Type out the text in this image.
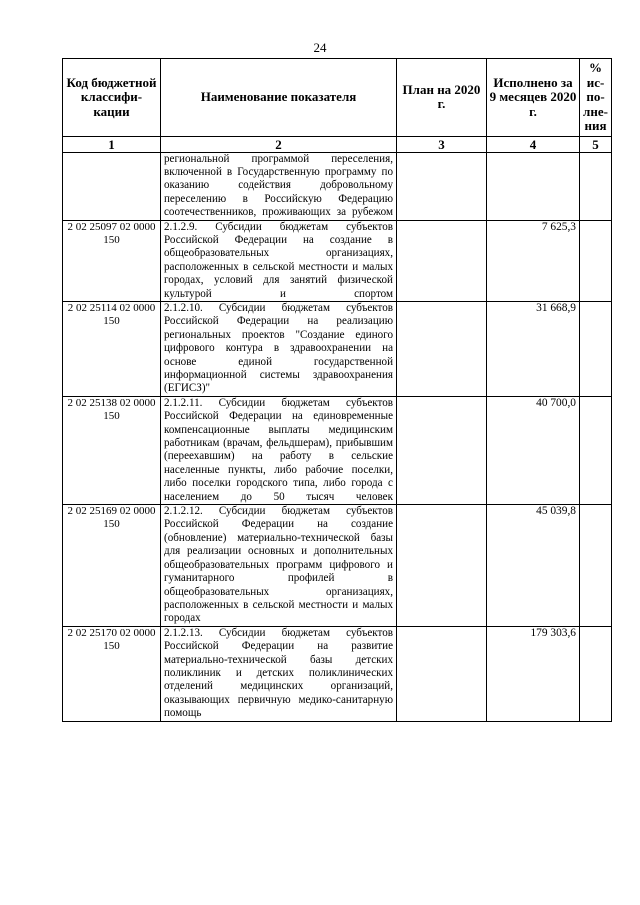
24
Код бюджетной классифи-кации	Наименование показателя	План на 2020 г.	Исполнено за 9 месяцев 2020 г.	% ис-по-лне-ния
1	2	3	4	5
	региональной программой переселения, включенной в Государственную программу по оказанию содействия добровольному переселению в Российскую Федерацию соотечественников, проживающих за рубежом			
2 02 25097 02 0000 150	2.1.2.9. Субсидии бюджетам субъектов Российской Федерации на создание в общеобразовательных организациях, расположенных в сельской местности и малых городах, условий для занятий физической культурой и спортом		7 625,3	
2 02 25114 02 0000 150	2.1.2.10. Субсидии бюджетам субъектов Российской Федерации на реализацию региональных проектов "Создание единого цифрового контура в здравоохранении на основе единой государственной информационной системы здравоохранения (ЕГИСЗ)"		31 668,9	
2 02 25138 02 0000 150	2.1.2.11. Субсидии бюджетам субъектов Российской Федерации на единовременные компенсационные выплаты медицинским работникам (врачам, фельдшерам), прибывшим (переехавшим) на работу в сельские населенные пункты, либо рабочие поселки, либо поселки городского типа, либо города с населением до 50 тысяч человек		40 700,0	
2 02 25169 02 0000 150	2.1.2.12. Субсидии бюджетам субъектов Российской Федерации на создание (обновление) материально-технической базы для реализации основных и дополнительных общеобразовательных программ цифрового и гуманитарного профилей в общеобразовательных организациях, расположенных в сельской местности и малых городах		45 039,8	
2 02 25170 02 0000 150	2.1.2.13. Субсидии бюджетам субъектов Российской Федерации на развитие материально-технической базы детских поликлиник и детских поликлинических отделений медицинских организаций, оказывающих первичную медико-санитарную помощь		179 303,6	
